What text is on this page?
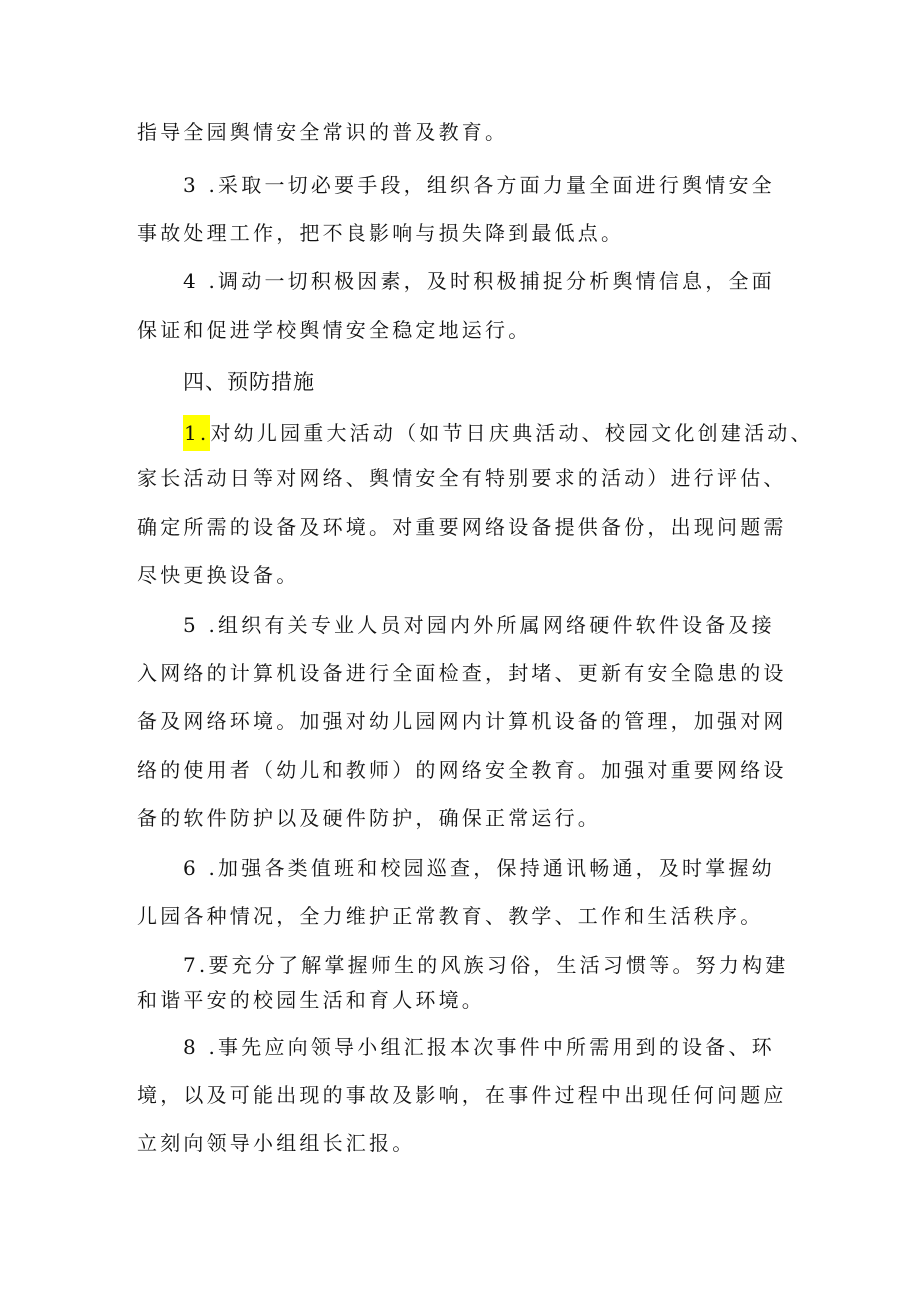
指导全园舆情安全常识的普及教育。
3 .采取一切必要手段，组织各方面力量全面进行舆情安全
事故处理工作，把不良影响与损失降到最低点。
4 .调动一切积极因素，及时积极捕捉分析舆情信息，全面
保证和促进学校舆情安全稳定地运行。
四、预防措施
1.对幼儿园重大活动（如节日庆典活动、校园文化创建活动、
家长活动日等对网络、舆情安全有特别要求的活动）进行评估、
确定所需的设备及环境。对重要网络设备提供备份，出现问题需
尽快更换设备。
5 .组织有关专业人员对园内外所属网络硬件软件设备及接
入网络的计算机设备进行全面检查，封堵、更新有安全隐患的设
备及网络环境。加强对幼儿园网内计算机设备的管理，加强对网
络的使用者（幼儿和教师）的网络安全教育。加强对重要网络设
备的软件防护以及硬件防护，确保正常运行。
6 .加强各类值班和校园巡查，保持通讯畅通，及时掌握幼
儿园各种情况，全力维护正常教育、教学、工作和生活秩序。
7.要充分了解掌握师生的风族习俗，生活习惯等。努力构建
和谐平安的校园生活和育人环境。
8 .事先应向领导小组汇报本次事件中所需用到的设备、环
境，以及可能出现的事故及影响，在事件过程中出现任何问题应
立刻向领导小组组长汇报。
